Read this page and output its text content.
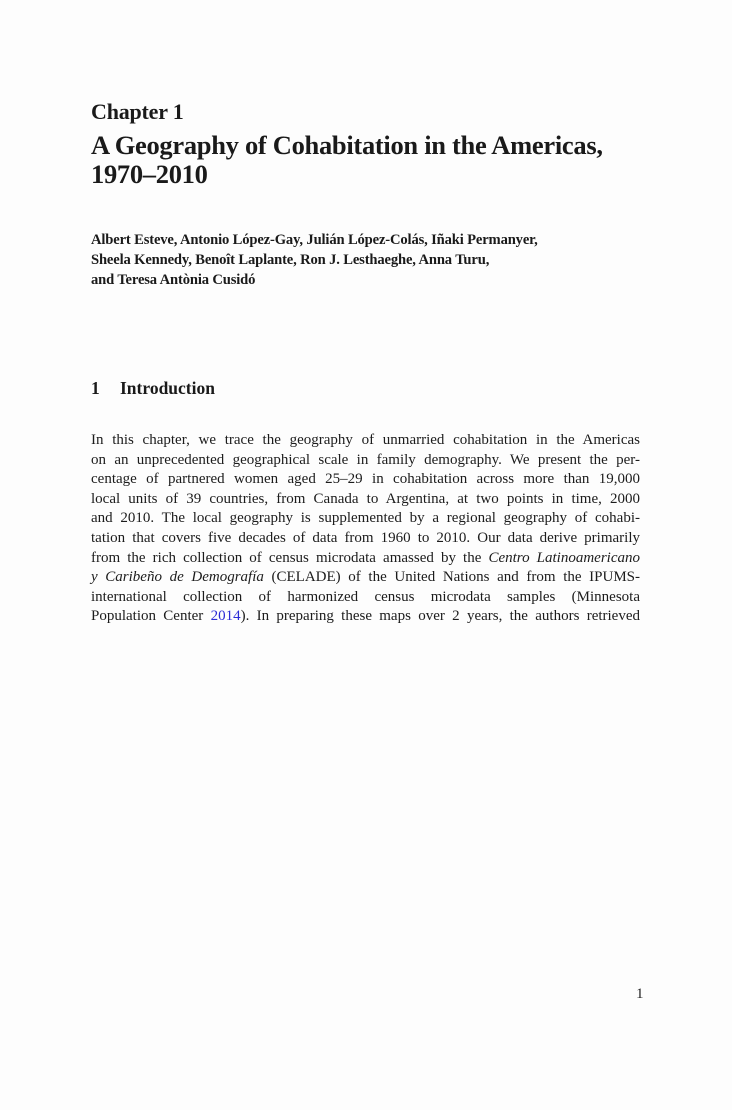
Chapter 1
A Geography of Cohabitation in the Americas,
1970–2010
Albert Esteve, Antonio López-Gay, Julián López-Colás, Iñaki Permanyer,
Sheela Kennedy, Benoît Laplante, Ron J. Lesthaeghe, Anna Turu,
and Teresa Antònia Cusidó
1 Introduction
In this chapter, we trace the geography of unmarried cohabitation in the Americas
on an unprecedented geographical scale in family demography. We present the per-
centage of partnered women aged 25–29 in cohabitation across more than 19,000
local units of 39 countries, from Canada to Argentina, at two points in time, 2000
and 2010. The local geography is supplemented by a regional geography of cohabi-
tation that covers five decades of data from 1960 to 2010. Our data derive primarily
from the rich collection of census microdata amassed by the Centro Latinoamericano
y Caribeño de Demografía (CELADE) of the United Nations and from the IPUMS-
international collection of harmonized census microdata samples (Minnesota
Population Center 2014). In preparing these maps over 2 years, the authors retrieved
1
